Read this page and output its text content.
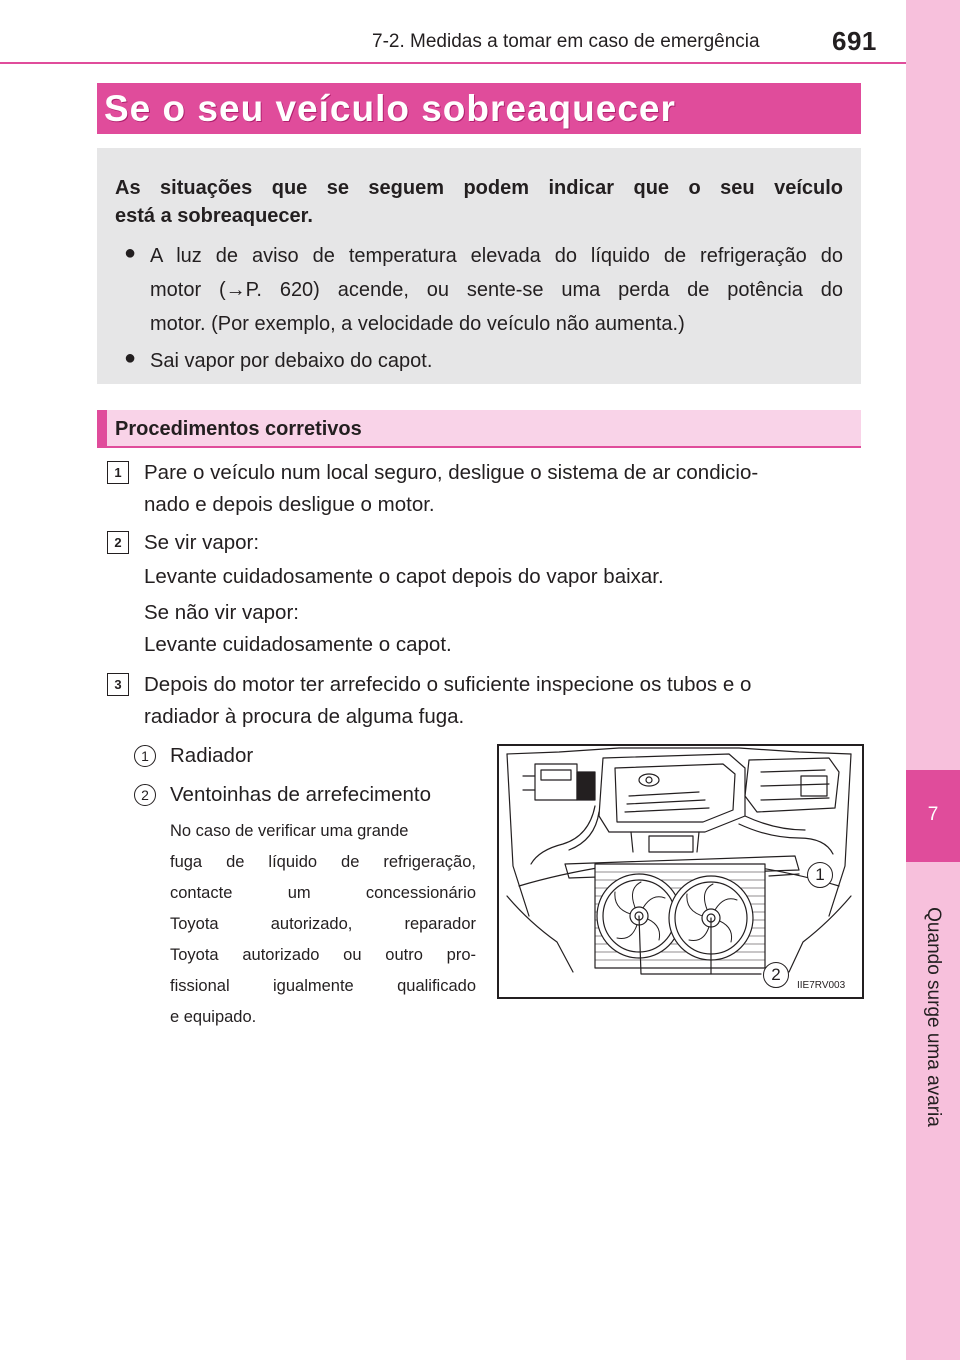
7-2. Medidas a tomar em caso de emergência	691
7
Quando surge uma avaria
Se o seu veículo sobreaquecer
As situações que se seguem podem indicar que o seu veículo
está a sobreaquecer.
● A luz de aviso de temperatura elevada do líquido de refrigeração do
motor (→P. 620) acende, ou sente-se uma perda de potência do
motor. (Por exemplo, a velocidade do veículo não aumenta.)
● Sai vapor por debaixo do capot.
Procedimentos corretivos
1	Pare o veículo num local seguro, desligue o sistema de ar condicio-
nado e depois desligue o motor.
2	Se vir vapor:
Levante cuidadosamente o capot depois do vapor baixar.
Se não vir vapor:
Levante cuidadosamente o capot.
3	Depois do motor ter arrefecido o suficiente inspecione os tubos e o
radiador à procura de alguma fuga.
1	Radiador
2	Ventoinhas de arrefecimento
No caso de verificar uma grande
fuga de líquido de refrigeração,
contacte um concessionário
Toyota autorizado, reparador
Toyota autorizado ou outro pro-
fissional igualmente qualificado
e equipado.
1
2
IIE7RV003
